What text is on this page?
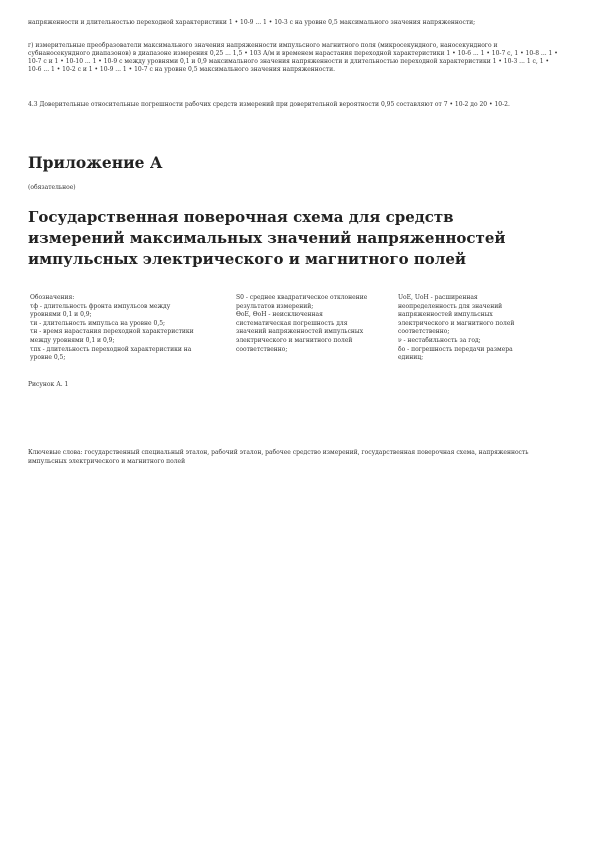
напряженности и длительностью переходной характеристики 1 • 10-9 ... 1 • 10-3 с на уровне 0,5 максимального значения напряженности;

г) измерительные преобразователи максимального значения напряженности импульсного магнитного поля (микросекундного, наносекундного и субнаносекундного диапазонов) в диапазоне измерения 0,25 ... 1,5 • 103 А/м и временем нарастания переходной характеристики 1 • 10-6 ... 1 • 10-7 с, 1 • 10-8 ... 1 • 10-7 с и 1 • 10-10 ... 1 • 10-9 с между уровнями 0,1 и 0,9 максимального значения напряженности и длительностью переходной характеристики 1 • 10-3 ... 1 с, 1 • 10-6 ... 1 • 10-2 с и 1 • 10-9 ... 1 • 10-7 с на уровне 0,5 максимального значения напряженности.

4.3 Доверительные относительные погрешности рабочих средств измерений при доверительной вероятности 0,95 составляют от 7 • 10-2 до 20 • 10-2.

Приложение А

(обязательное)

Государственная поверочная схема для средств измерений максимальных значений напряженностей импульсных электрического и магнитного полей
Обозначения:
τф - длительность фронта импульсов между
уровнями 0,1 и 0,9;
τи - длительность импульса на уровне 0,5;
τн - время нарастания переходной характеристики
между уровнями 0,1 и 0,9;
τпх - длительность переходной характеристики на
уровне 0,5;
S0 - среднее квадратическое отклонение
результатов измерений;
ΘоE, ΘоH - неисключенная
систематическая погрешность для
значений напряженностей импульсных
электрического и магнитного полей
соответственно;
UoE, UoH - расширенная
неопределенность для значений
напряженностей импульсных
электрического и магнитного полей
соответственно;
ν - нестабильность за год;
δo - погрешность передачи размера
единиц;

Рисунок А. 1

Ключевые слова: государственный специальный эталон, рабочий эталон, рабочее средство измерений, государственная поверочная схема, напряженность импульсных электрического и магнитного полей
